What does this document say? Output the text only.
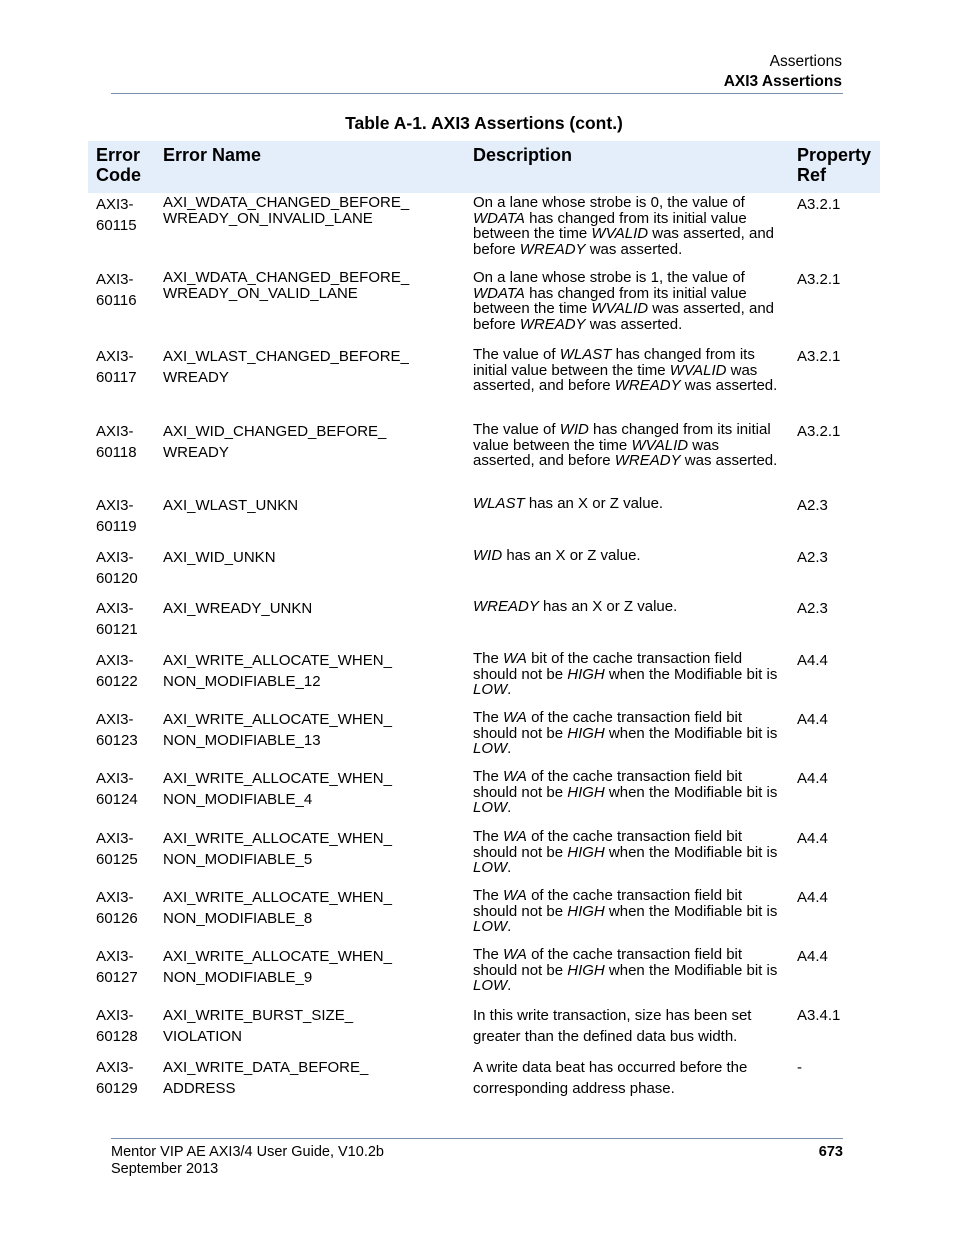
Assertions
AXI3 Assertions
Table A-1. AXI3 Assertions (cont.)
Error
Code	Error Name	Description	Property
Ref

AXI3-
60115	AXI_WDATA_CHANGED_BEFORE_
WREADY_ON_INVALID_LANE	On a lane whose strobe is 0, the value of WDATA has changed from its initial value between the time WVALID was asserted, and before WREADY was asserted.	A3.2.1

AXI3-
60116	AXI_WDATA_CHANGED_BEFORE_
WREADY_ON_VALID_LANE	On a lane whose strobe is 1, the value of WDATA has changed from its initial value between the time WVALID was asserted, and before WREADY was asserted.	A3.2.1

AXI3-
60117	AXI_WLAST_CHANGED_BEFORE_
WREADY	The value of WLAST has changed from its initial value between the time WVALID was asserted, and before WREADY was asserted.	A3.2.1

AXI3-
60118	AXI_WID_CHANGED_BEFORE_
WREADY	The value of WID has changed from its initial value between the time WVALID was asserted, and before WREADY was asserted.	A3.2.1

AXI3-
60119	AXI_WLAST_UNKN	WLAST has an X or Z value.	A2.3

AXI3-
60120	AXI_WID_UNKN	WID has an X or Z value.	A2.3

AXI3-
60121	AXI_WREADY_UNKN	WREADY has an X or Z value.	A2.3

AXI3-
60122	AXI_WRITE_ALLOCATE_WHEN_
NON_MODIFIABLE_12	The WA bit of the cache transaction field should not be HIGH when the Modifiable bit is LOW.	A4.4

AXI3-
60123	AXI_WRITE_ALLOCATE_WHEN_
NON_MODIFIABLE_13	The WA of the cache transaction field bit should not be HIGH when the Modifiable bit is LOW.	A4.4

AXI3-
60124	AXI_WRITE_ALLOCATE_WHEN_
NON_MODIFIABLE_4	The WA of the cache transaction field bit should not be HIGH when the Modifiable bit is LOW.	A4.4

AXI3-
60125	AXI_WRITE_ALLOCATE_WHEN_
NON_MODIFIABLE_5	The WA of the cache transaction field bit should not be HIGH when the Modifiable bit is LOW.	A4.4

AXI3-
60126	AXI_WRITE_ALLOCATE_WHEN_
NON_MODIFIABLE_8	The WA of the cache transaction field bit should not be HIGH when the Modifiable bit is LOW.	A4.4

AXI3-
60127	AXI_WRITE_ALLOCATE_WHEN_
NON_MODIFIABLE_9	The WA of the cache transaction field bit should not be HIGH when the Modifiable bit is LOW.	A4.4

AXI3-
60128	AXI_WRITE_BURST_SIZE_
VIOLATION	In this write transaction, size has been set greater than the defined data bus width.	A3.4.1

AXI3-
60129	AXI_WRITE_DATA_BEFORE_
ADDRESS	A write data beat has occurred before the corresponding address phase.	-
Mentor VIP AE AXI3/4 User Guide, V10.2b
September 2013
673
